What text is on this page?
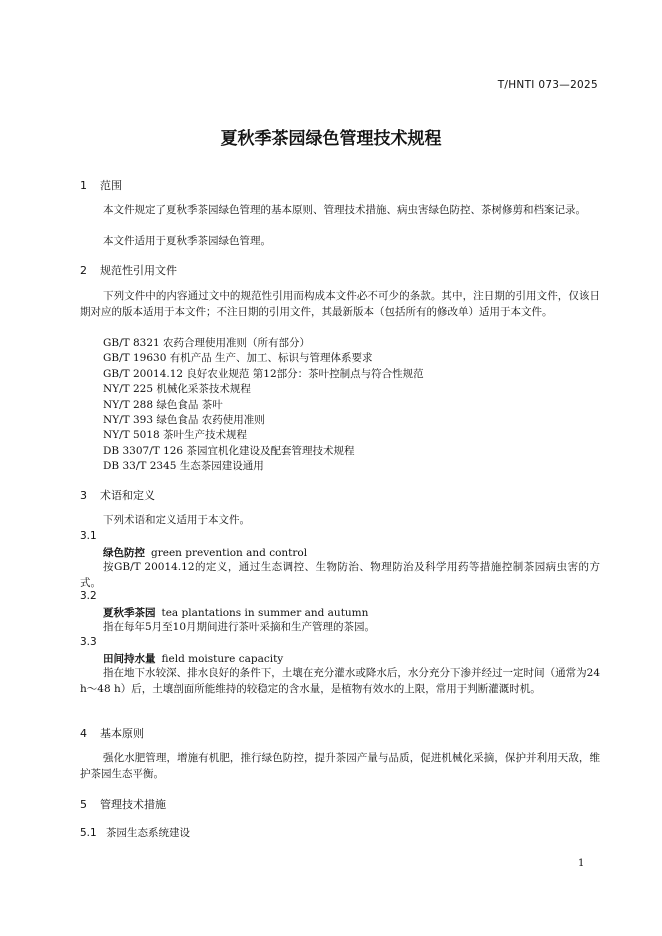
T/HNTI 073—2025
夏秋季茶园绿色管理技术规程
1 范围
本文件规定了夏秋季茶园绿色管理的基本原则、管理技术措施、病虫害绿色防控、茶树修剪和档案记录。
本文件适用于夏秋季茶园绿色管理。
2 规范性引用文件
下列文件中的内容通过文中的规范性引用而构成本文件必不可少的条款。其中，注日期的引用文件，仅该日期对应的版本适用于本文件；不注日期的引用文件，其最新版本（包括所有的修改单）适用于本文件。
GB/T 8321 农药合理使用准则（所有部分）
GB/T 19630 有机产品 生产、加工、标识与管理体系要求
GB/T 20014.12 良好农业规范 第12部分：茶叶控制点与符合性规范
NY/T 225 机械化采茶技术规程
NY/T 288 绿色食品 茶叶
NY/T 393 绿色食品 农药使用准则
NY/T 5018 茶叶生产技术规程
DB 3307/T 126 茶园宜机化建设及配套管理技术规程
DB 33/T 2345 生态茶园建设通用
3 术语和定义
下列术语和定义适用于本文件。
3.1
绿色防控 green prevention and control
按GB/T 20014.12的定义，通过生态调控、生物防治、物理防治及科学用药等措施控制茶园病虫害的方式。
3.2
夏秋季茶园 tea plantations in summer and autumn
指在每年5月至10月期间进行茶叶采摘和生产管理的茶园。
3.3
田间持水量 field moisture capacity
指在地下水较深、排水良好的条件下，土壤在充分灌水或降水后，水分充分下渗并经过一定时间（通常为24 h～48 h）后，土壤剖面所能维持的较稳定的含水量，是植物有效水的上限，常用于判断灌溉时机。
4 基本原则
强化水肥管理，增施有机肥，推行绿色防控，提升茶园产量与品质，促进机械化采摘，保护并利用天敌，维护茶园生态平衡。
5 管理技术措施
5.1 茶园生态系统建设
1
